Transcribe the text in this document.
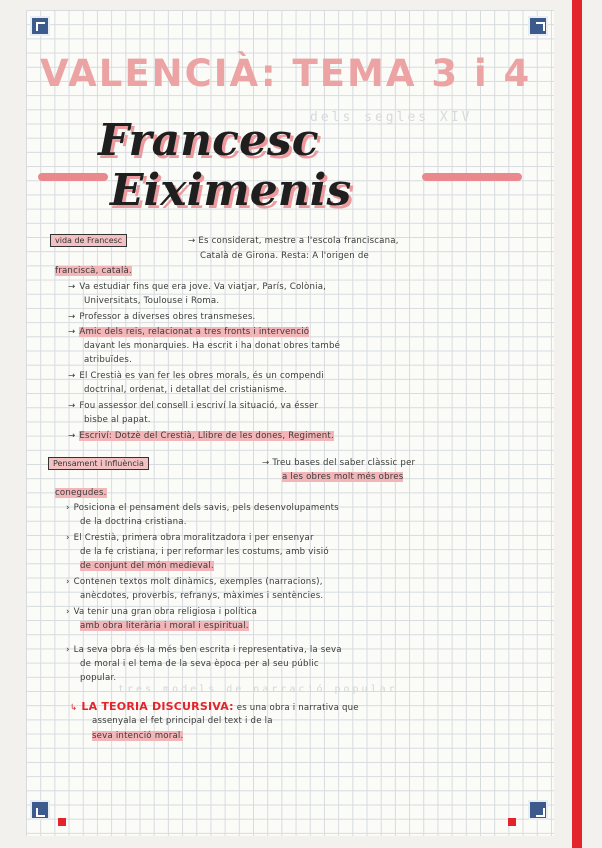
VALENCIÀ: TEMA 3 i 4
dels segles XIV
Francesc
Eiximenis
vida de Francesc	→ Es considerat, mestre a l'escola franciscana,
Català de Girona. Resta: A l'origen de
franciscà, català.
→ Va estudiar fins que era jove. Va viatjar, París, Colònia,
Universitats, Toulouse i Roma.
→ Professor a diverses obres transmeses.
→ Amic dels reis, relacionat a tres fronts i intervenció
davant les monarquies. Ha escrit i ha donat obres també
atribuïdes.
→ El Crestià es van fer les obres morals, és un compendi
doctrinal, ordenat, i detallat del cristianisme.
→ Fou assessor del consell i escriví la situació, va ésser
bisbe al papat.
→ Escriví: Dotzè del Crestià, Llibre de les dones, Regiment.
Pensament i Influència	→ Treu bases del saber clàssic per
a les obres molt més obres
conegudes.
› Posiciona el pensament dels savis, pels desenvolupaments
de la doctrina cristiana.
› El Crestià, primera obra moralitzadora i per ensenyar
de la fe cristiana, i per reformar les costums, amb visió
de conjunt del món medieval.
› Contenen textos molt dinàmics, exemples (narracions),
anècdotes, proverbis, refranys, màximes i sentències.
› Va tenir una gran obra religiosa i política
amb obra literària i moral i espiritual.
› La seva obra és la més ben escrita i representativa, la seva
de moral i el tema de la seva època per al seu públic
popular.
tres models de narració popular
↳ LA TEORIA DISCURSIVA: es una obra i narrativa que
assenyala el fet principal del text i de la
seva intenció moral.
